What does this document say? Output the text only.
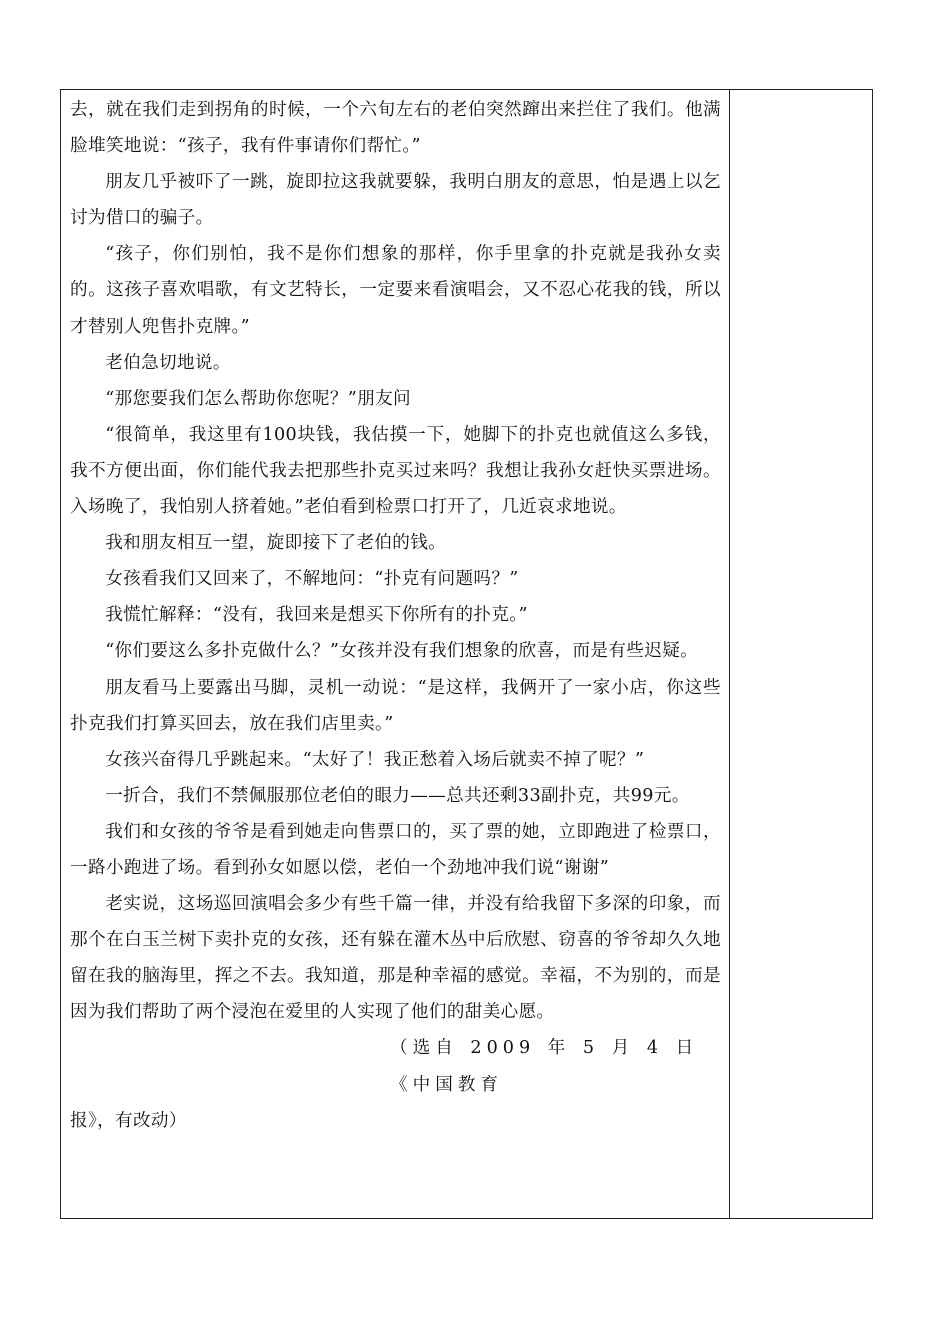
去，就在我们走到拐角的时候，一个六旬左右的老伯突然蹿出来拦住了我们。他满脸堆笑地说：“孩子，我有件事请你们帮忙。”

朋友几乎被吓了一跳，旋即拉这我就要躲，我明白朋友的意思，怕是遇上以乞讨为借口的骗子。

“孩子，你们别怕，我不是你们想象的那样，你手里拿的扑克就是我孙女卖的。这孩子喜欢唱歌，有文艺特长，一定要来看演唱会，又不忍心花我的钱，所以才替别人兜售扑克牌。”

老伯急切地说。

“那您要我们怎么帮助你您呢？”朋友问

“很简单，我这里有100块钱，我估摸一下，她脚下的扑克也就值这么多钱，我不方便出面，你们能代我去把那些扑克买过来吗？我想让我孙女赶快买票进场。入场晚了，我怕别人挤着她。”老伯看到检票口打开了，几近哀求地说。

我和朋友相互一望，旋即接下了老伯的钱。

女孩看我们又回来了，不解地问：“扑克有问题吗？”

我慌忙解释：“没有，我回来是想买下你所有的扑克。”

“你们要这么多扑克做什么？”女孩并没有我们想象的欣喜，而是有些迟疑。

朋友看马上要露出马脚，灵机一动说：“是这样，我俩开了一家小店，你这些扑克我们打算买回去，放在我们店里卖。”

女孩兴奋得几乎跳起来。“太好了！我正愁着入场后就卖不掉了呢？”

一折合，我们不禁佩服那位老伯的眼力——总共还剩33副扑克，共99元。

我们和女孩的爷爷是看到她走向售票口的，买了票的她，立即跑进了检票口，一路小跑进了场。看到孙女如愿以偿，老伯一个劲地冲我们说“谢谢”

老实说，这场巡回演唱会多少有些千篇一律，并没有给我留下多深的印象，而那个在白玉兰树下卖扑克的女孩，还有躲在灌木丛中后欣慰、窃喜的爷爷却久久地留在我的脑海里，挥之不去。我知道，那是种幸福的感觉。幸福，不为别的，而是因为我们帮助了两个浸泡在爱里的人实现了他们的甜美心愿。

（选自 2009 年 5 月 4 日《中国教育

报》，有改动）
